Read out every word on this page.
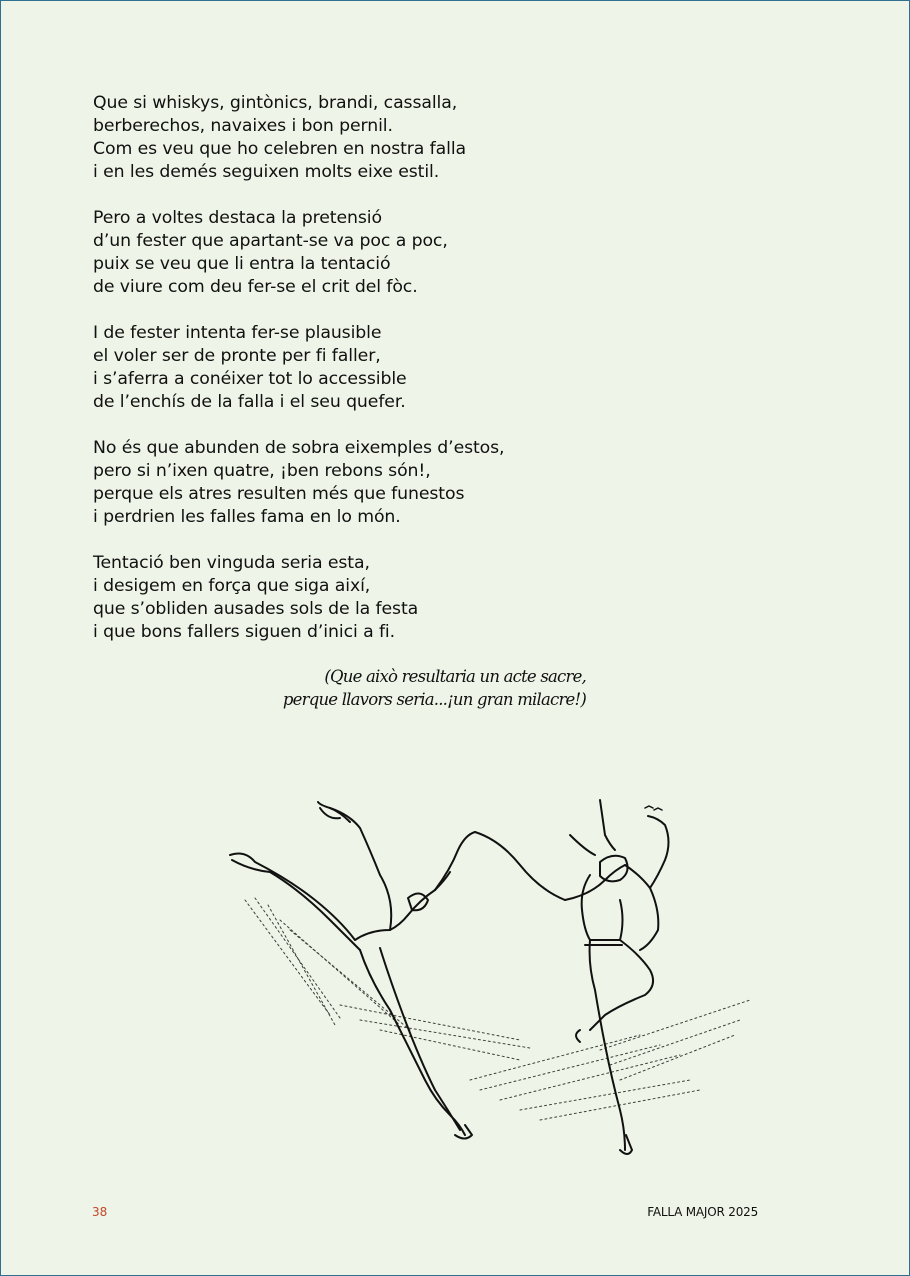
Que si whiskys, gintònics, brandi, cassalla,
berberechos, navaixes i bon pernil.
Com es veu que ho celebren en nostra falla
i en les demés seguixen molts eixe estil.
Pero a voltes destaca la pretensió
d’un fester que apartant-se va poc a poc,
puix se veu que li entra la tentació
de viure com deu fer-se el crit del fòc.
I de fester intenta fer-se plausible
el voler ser de pronte per fi faller,
i s’aferra a conéixer tot lo accessible
de l’enchís de la falla i el seu quefer.
No és que abunden de sobra eixemples d’estos,
pero si n’ixen quatre, ¡ben rebons són!,
perque els atres resulten més que funestos
i perdrien les falles fama en lo món.
Tentació ben vinguda seria esta,
i desigem en força que siga així,
que s’obliden ausades sols de la festa
i que bons fallers siguen d’inici a fi.
(Que això resultaria un acte sacre,
perque llavors seria...¡un gran milacre!)
38	FALLA MAJOR 2025
